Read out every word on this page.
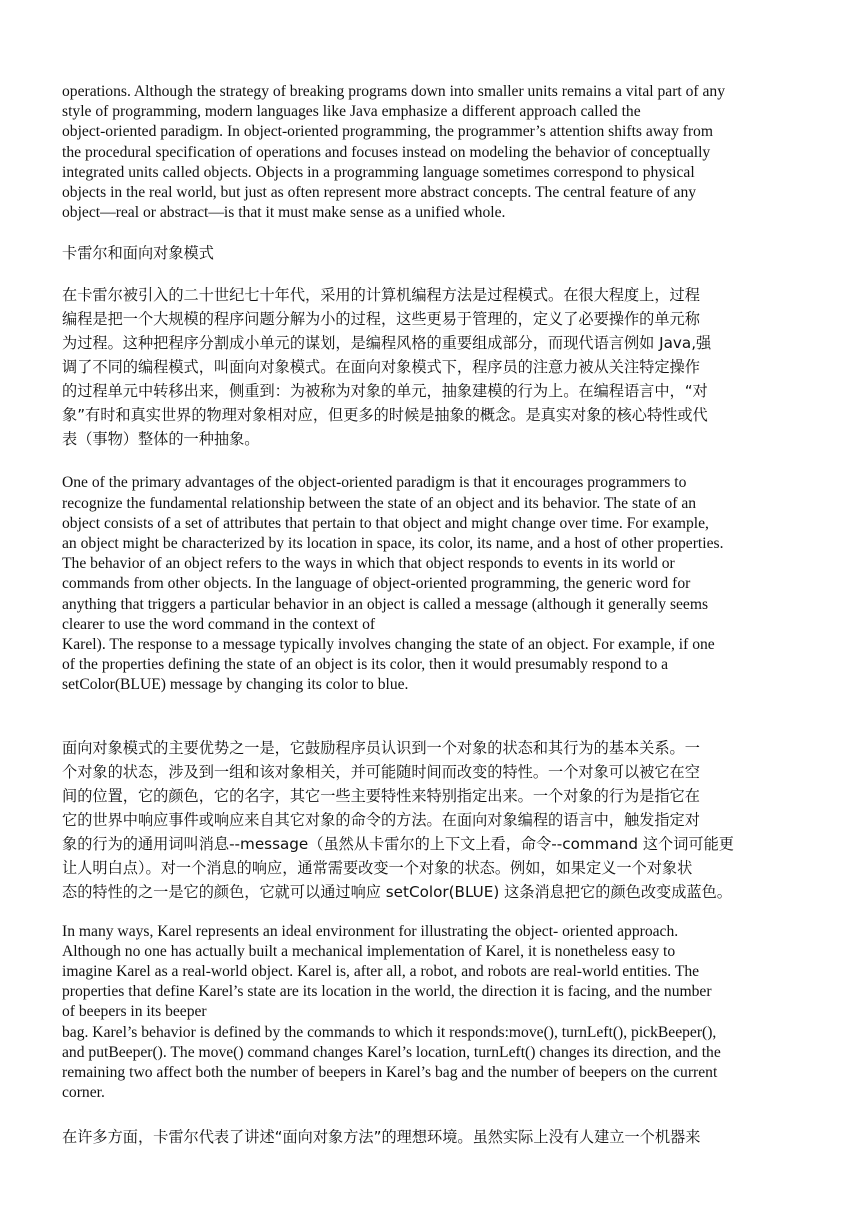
operations. Although the strategy of breaking programs down into smaller units remains a vital part of any
style of programming, modern languages like Java emphasize a different approach called the
object-oriented paradigm. In object-oriented programming, the programmer’s attention shifts away from
the procedural specification of operations and focuses instead on modeling the behavior of conceptually
integrated units called objects. Objects in a programming language sometimes correspond to physical
objects in the real world, but just as often represent more abstract concepts. The central feature of any
object—real or abstract—is that it must make sense as a unified whole.

卡雷尔和面向对象模式

在卡雷尔被引入的二十世纪七十年代，采用的计算机编程方法是过程模式。在很大程度上，过程
编程是把一个大规模的程序问题分解为小的过程，这些更易于管理的，定义了必要操作的单元称
为过程。这种把程序分割成小单元的谋划，是编程风格的重要组成部分，而现代语言例如 Java,强
调了不同的编程模式，叫面向对象模式。在面向对象模式下，程序员的注意力被从关注特定操作
的过程单元中转移出来，侧重到：为被称为对象的单元，抽象建模的行为上。在编程语言中，“对
象”有时和真实世界的物理对象相对应，但更多的时候是抽象的概念。是真实对象的核心特性或代
表（事物）整体的一种抽象。

One of the primary advantages of the object-oriented paradigm is that it encourages programmers to
recognize the fundamental relationship between the state of an object and its behavior. The state of an
object consists of a set of attributes that pertain to that object and might change over time. For example,
an object might be characterized by its location in space, its color, its name, and a host of other properties.
The behavior of an object refers to the ways in which that object responds to events in its world or
commands from other objects. In the language of object-oriented programming, the generic word for
anything that triggers a particular behavior in an object is called a message (although it generally seems
clearer to use the word command in the context of
Karel). The response to a message typically involves changing the state of an object. For example, if one
of the properties defining the state of an object is its color, then it would presumably respond to a
setColor(BLUE) message by changing its color to blue.

面向对象模式的主要优势之一是，它鼓励程序员认识到一个对象的状态和其行为的基本关系。一
个对象的状态，涉及到一组和该对象相关，并可能随时间而改变的特性。一个对象可以被它在空
间的位置，它的颜色，它的名字，其它一些主要特性来特别指定出来。一个对象的行为是指它在
它的世界中响应事件或响应来自其它对象的命令的方法。在面向对象编程的语言中，触发指定对
象的行为的通用词叫消息--message（虽然从卡雷尔的上下文上看，命令--command 这个词可能更
让人明白点）。对一个消息的响应，通常需要改变一个对象的状态。例如，如果定义一个对象状
态的特性的之一是它的颜色，它就可以通过响应 setColor(BLUE) 这条消息把它的颜色改变成蓝色。

In many ways, Karel represents an ideal environment for illustrating the object- oriented approach.
Although no one has actually built a mechanical implementation of Karel, it is nonetheless easy to
imagine Karel as a real-world object. Karel is, after all, a robot, and robots are real-world entities. The
properties that define Karel’s state are its location in the world, the direction it is facing, and the number
of beepers in its beeper
bag. Karel’s behavior is defined by the commands to which it responds:move(), turnLeft(), pickBeeper(),
and putBeeper(). The move() command changes Karel’s location, turnLeft() changes its direction, and the
remaining two affect both the number of beepers in Karel’s bag and the number of beepers on the current
corner.

在许多方面，卡雷尔代表了讲述“面向对象方法”的理想环境。虽然实际上没有人建立一个机器来
